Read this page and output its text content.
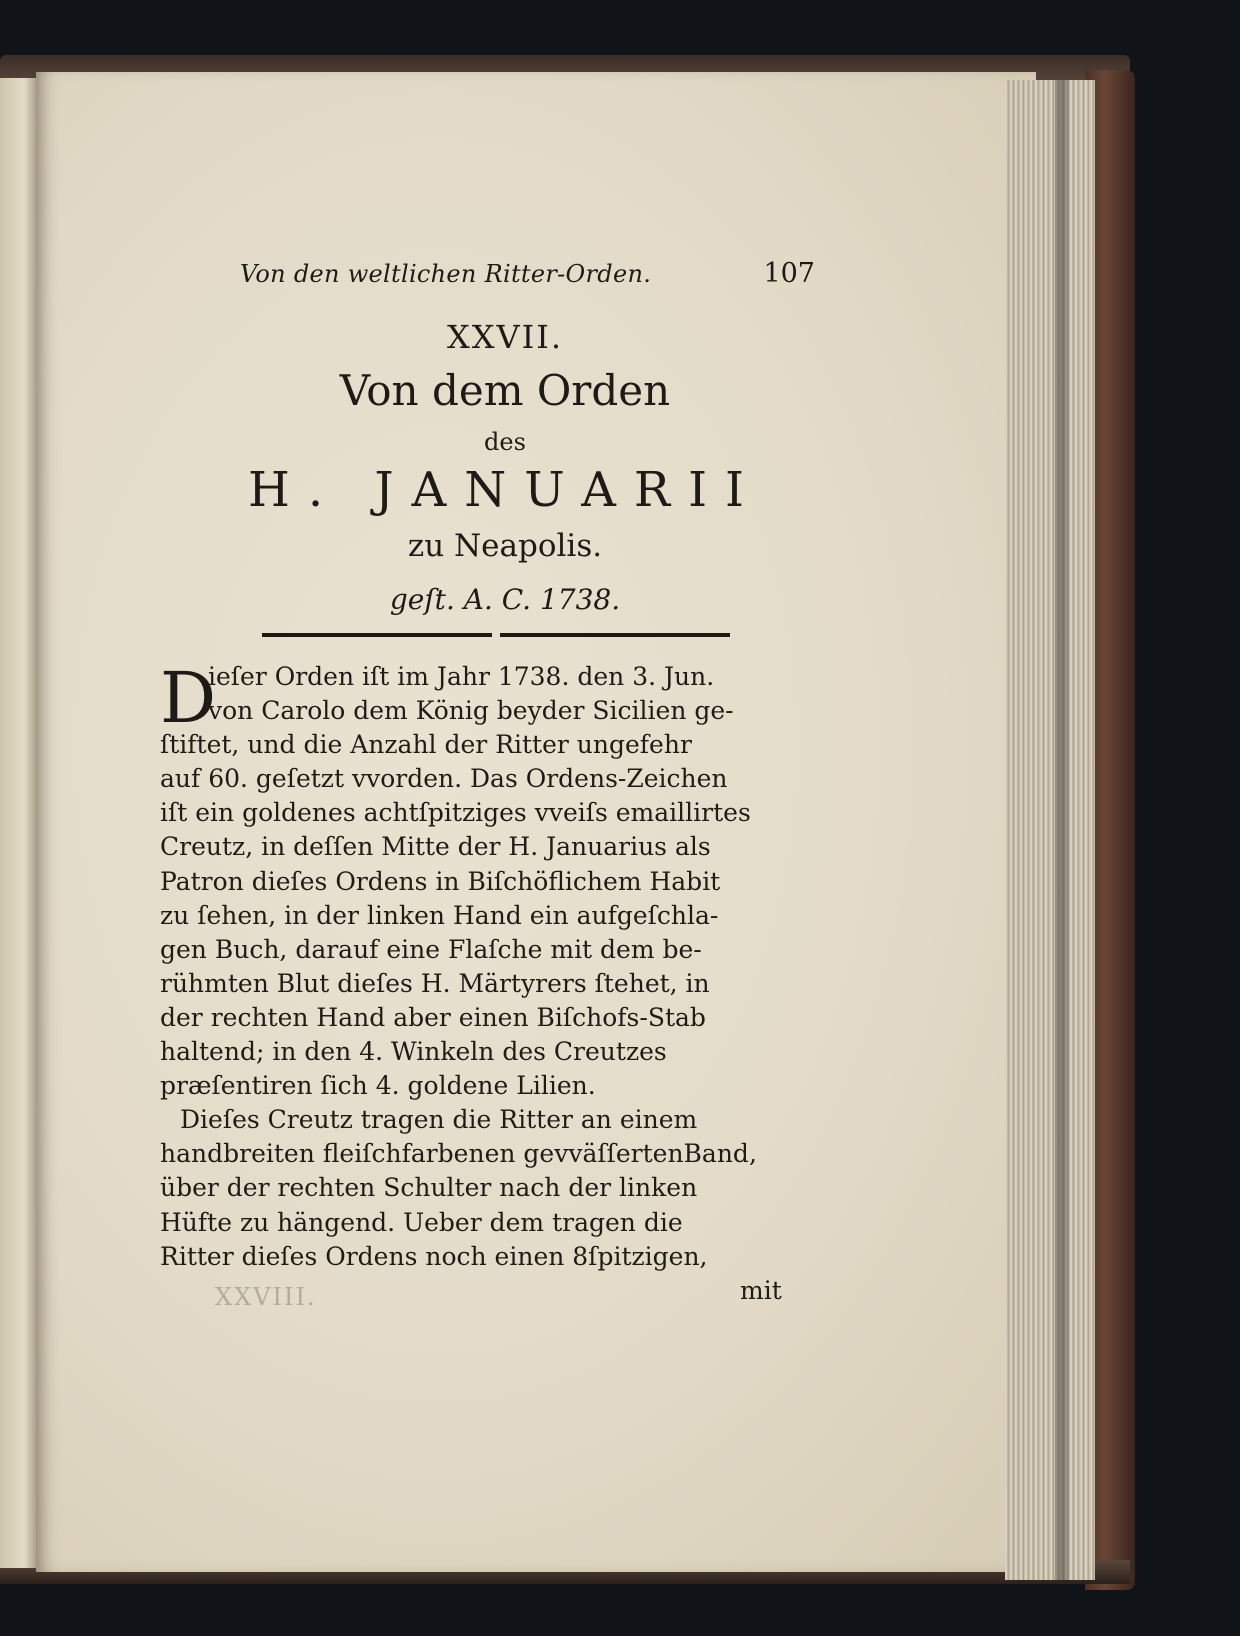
Von den weltlichen Ritter-Orden.	107
XXVII.
Von dem Orden
des
H. JANUARII
zu Neapolis.
geſt. A. C. 1738.
D
ieſer Orden iſt im Jahr 1738. den 3. Jun.
von Carolo dem König beyder Sicilien ge-
ſtiftet, und die Anzahl der Ritter ungefehr
auf 60. geſetzt vvorden. Das Ordens-Zeichen
iſt ein goldenes achtſpitziges vveiſs emaillirtes
Creutz, in deſſen Mitte der H. Januarius als
Patron dieſes Ordens in Biſchöflichem Habit
zu ſehen, in der linken Hand ein aufgeſchla-
gen Buch, darauf eine Flaſche mit dem be-
rühmten Blut dieſes H. Märtyrers ſtehet, in
der rechten Hand aber einen Biſchofs-Stab
haltend; in den 4. Winkeln des Creutzes
præſentiren ſich 4. goldene Lilien.
Dieſes Creutz tragen die Ritter an einem
handbreiten fleiſchfarbenen gevväſſertenBand,
über der rechten Schulter nach der linken
Hüfte zu hängend. Ueber dem tragen die
Ritter dieſes Ordens noch einen 8ſpitzigen,
XXVIII.	mit
